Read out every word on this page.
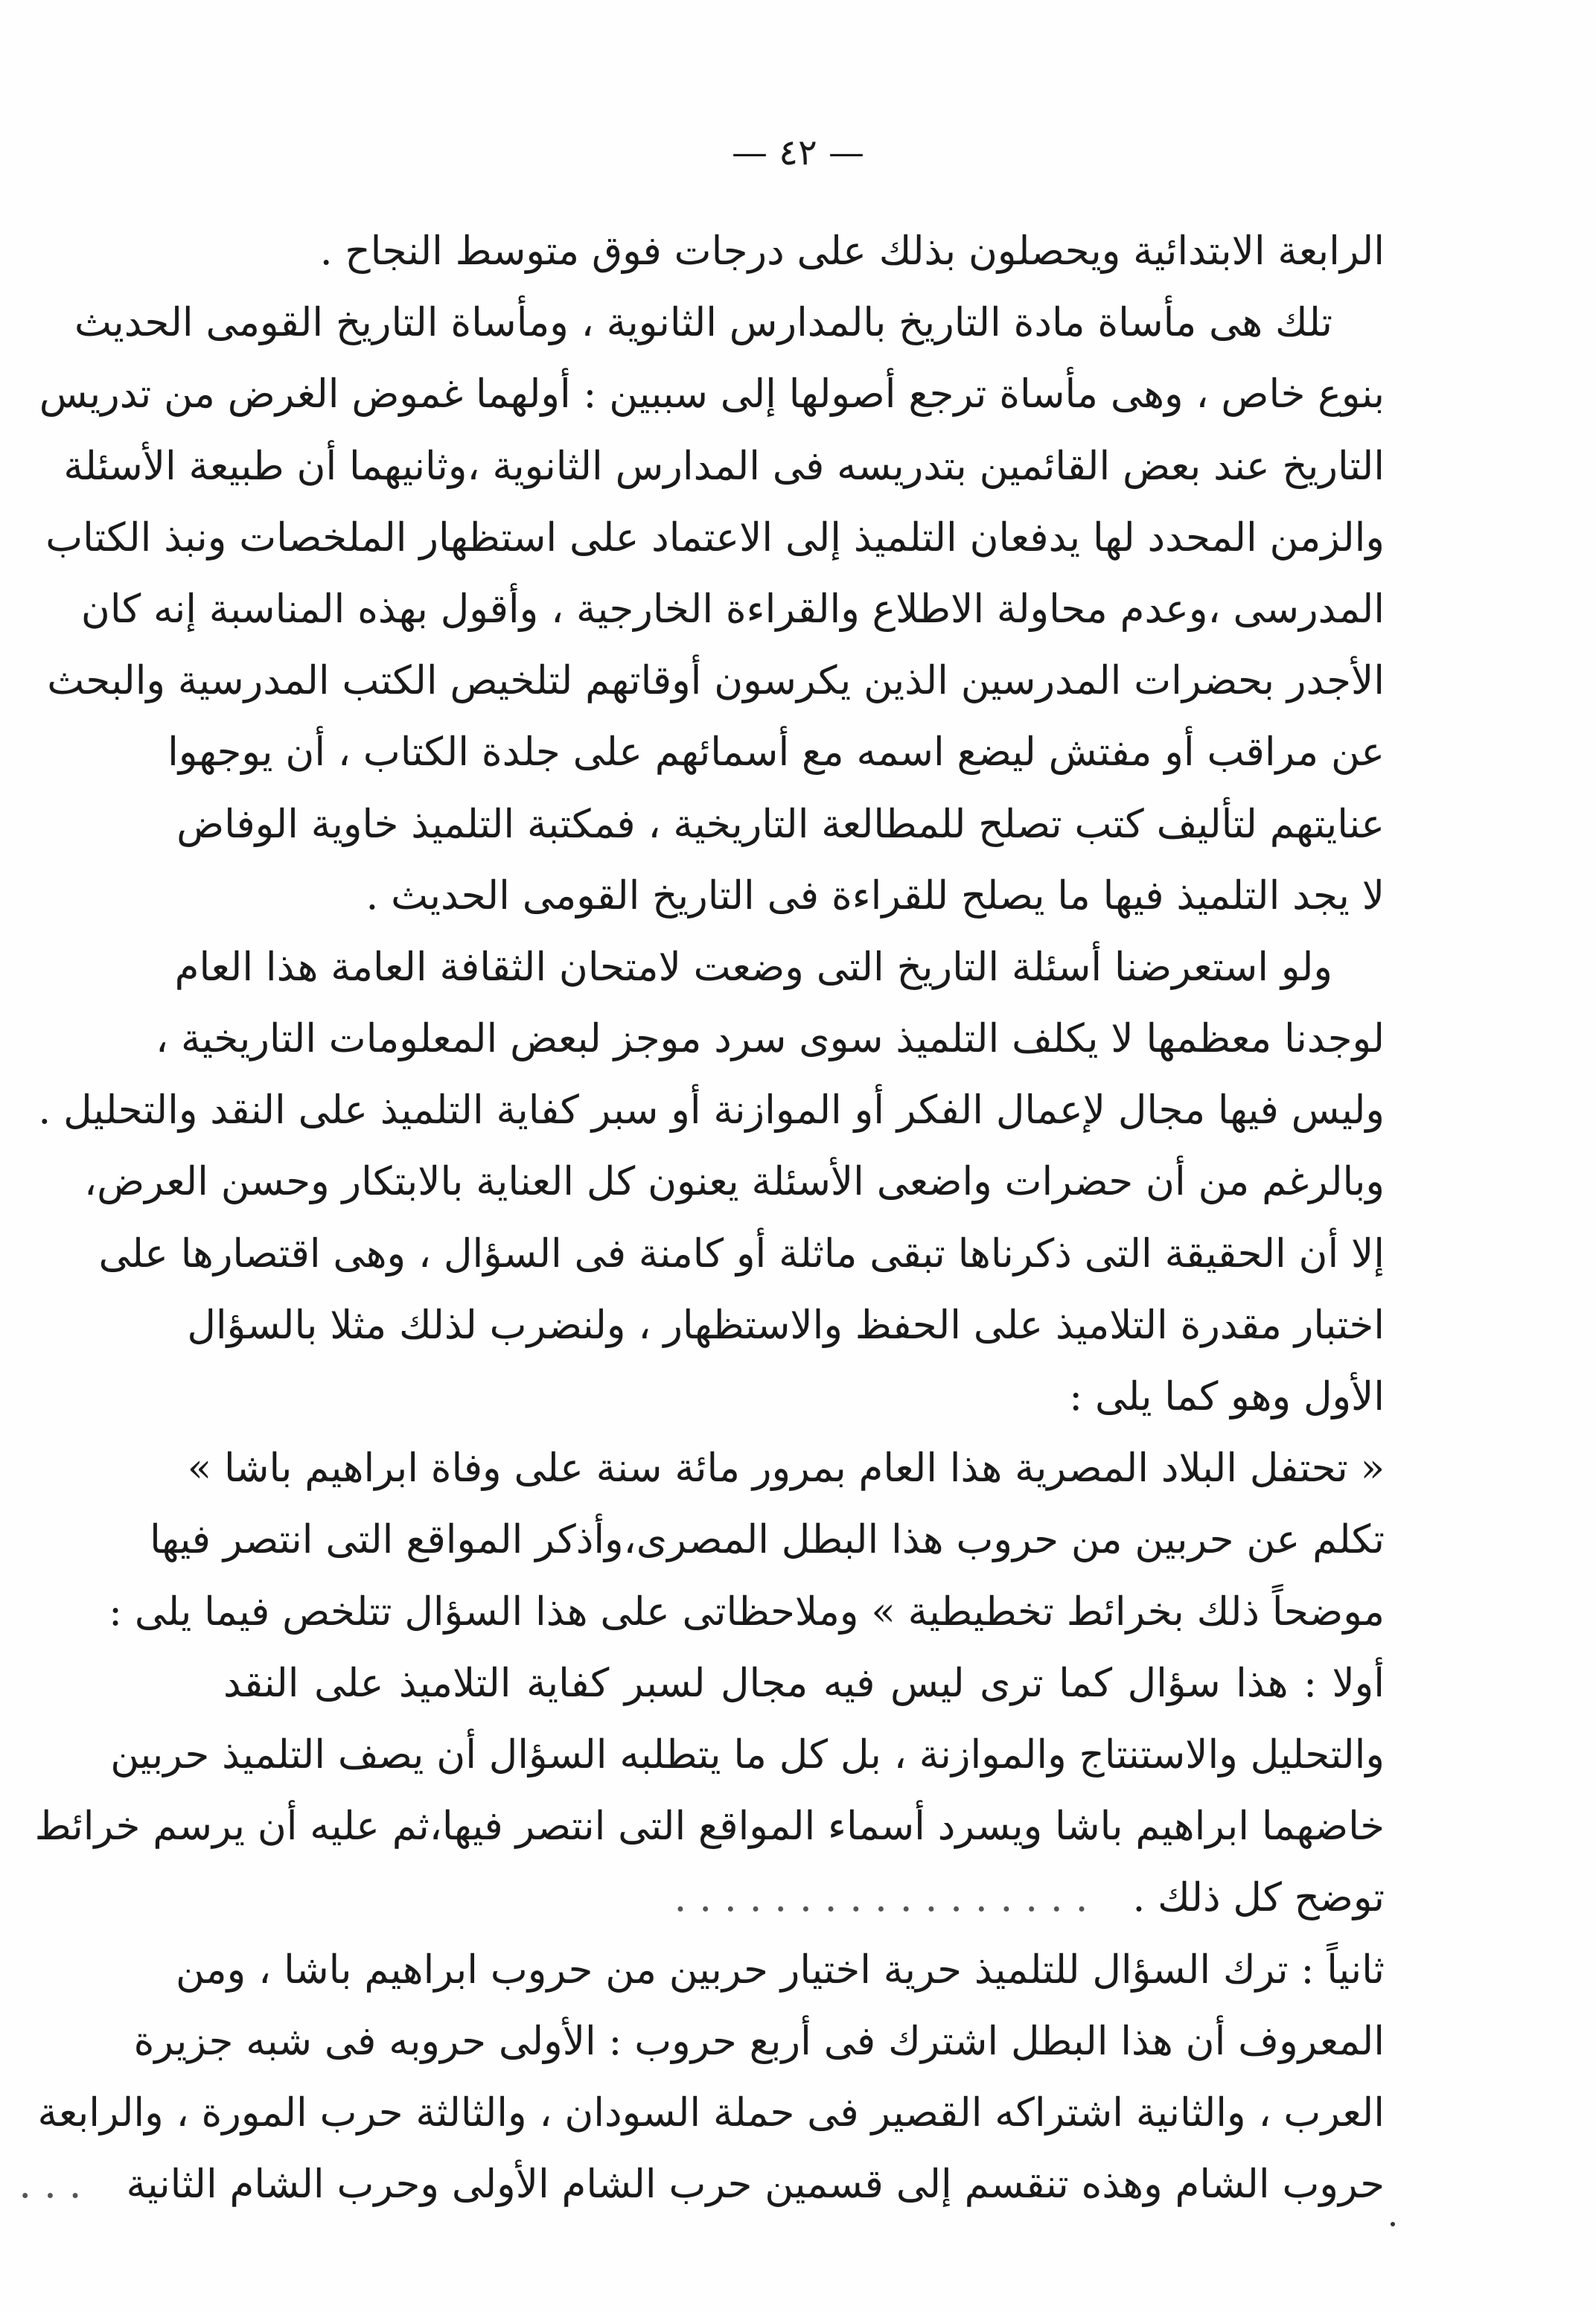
— ٤٢ —
الرابعة الابتدائية ويحصلون بذلك على درجات فوق متوسط النجاح .
تلك هى مأساة مادة التاريخ بالمدارس الثانوية ، ومأساة التاريخ القومى الحديث
بنوع خاص ، وهى مأساة ترجع أصولها إلى سببين : أولهما غموض الغرض من تدريس
التاريخ عند بعض القائمين بتدريسه فى المدارس الثانوية ،وثانيهما أن طبيعة الأسئلة
والزمن المحدد لها يدفعان التلميذ إلى الاعتماد على استظهار الملخصات ونبذ الكتاب
المدرسى ،وعدم محاولة الاطلاع والقراءة الخارجية ، وأقول بهذه المناسبة إنه كان
الأجدر بحضرات المدرسين الذين يكرسون أوقاتهم لتلخيص الكتب المدرسية والبحث
عن مراقب أو مفتش ليضع اسمه مع أسمائهم على جلدة الكتاب ، أن يوجهوا
عنايتهم لتأليف كتب تصلح للمطالعة التاريخية ، فمكتبة التلميذ خاوية الوفاض
لا يجد التلميذ فيها ما يصلح للقراءة فى التاريخ القومى الحديث .
ولو استعرضنا أسئلة التاريخ التى وضعت لامتحان الثقافة العامة هذا العام
لوجدنا معظمها لا يكلف التلميذ سوى سرد موجز لبعض المعلومات التاريخية ،
وليس فيها مجال لإعمال الفكر أو الموازنة أو سبر كفاية التلميذ على النقد والتحليل .
وبالرغم من أن حضرات واضعى الأسئلة يعنون كل العناية بالابتكار وحسن العرض،
إلا أن الحقيقة التى ذكرناها تبقى ماثلة أو كامنة فى السؤال ، وهى اقتصارها على
اختبار مقدرة التلاميذ على الحفظ والاستظهار ، ولنضرب لذلك مثلا بالسؤال
الأول وهو كما يلى :
« تحتفل البلاد المصرية هذا العام بمرور مائة سنة على وفاة ابراهيم باشا »
تكلم عن حربين من حروب هذا البطل المصرى،وأذكر المواقع التى انتصر فيها
موضحاً ذلك بخرائط تخطيطية » وملاحظاتى على هذا السؤال تتلخص فيما يلى :
أولا : هذا سؤال كما ترى ليس فيه مجال لسبر كفاية التلاميذ على النقد
والتحليل والاستنتاج والموازنة ، بل كل ما يتطلبه السؤال أن يصف التلميذ حربين
خاضهما ابراهيم باشا ويسرد أسماء المواقع التى انتصر فيها،ثم عليه أن يرسم خرائط
توضح كل ذلك .. . . . . . . . . . . . . . . . .
ثانياً : ترك السؤال للتلميذ حرية اختيار حربين من حروب ابراهيم باشا ، ومن
المعروف أن هذا البطل اشترك فى أربع حروب : الأولى حروبه فى شبه جزيرة
العرب ، والثانية اشتراكه القصير فى حملة السودان ، والثالثة حرب المورة ، والرابعة
حروب الشام وهذه تنقسم إلى قسمين حرب الشام الأولى وحرب الشام الثانية. . .
